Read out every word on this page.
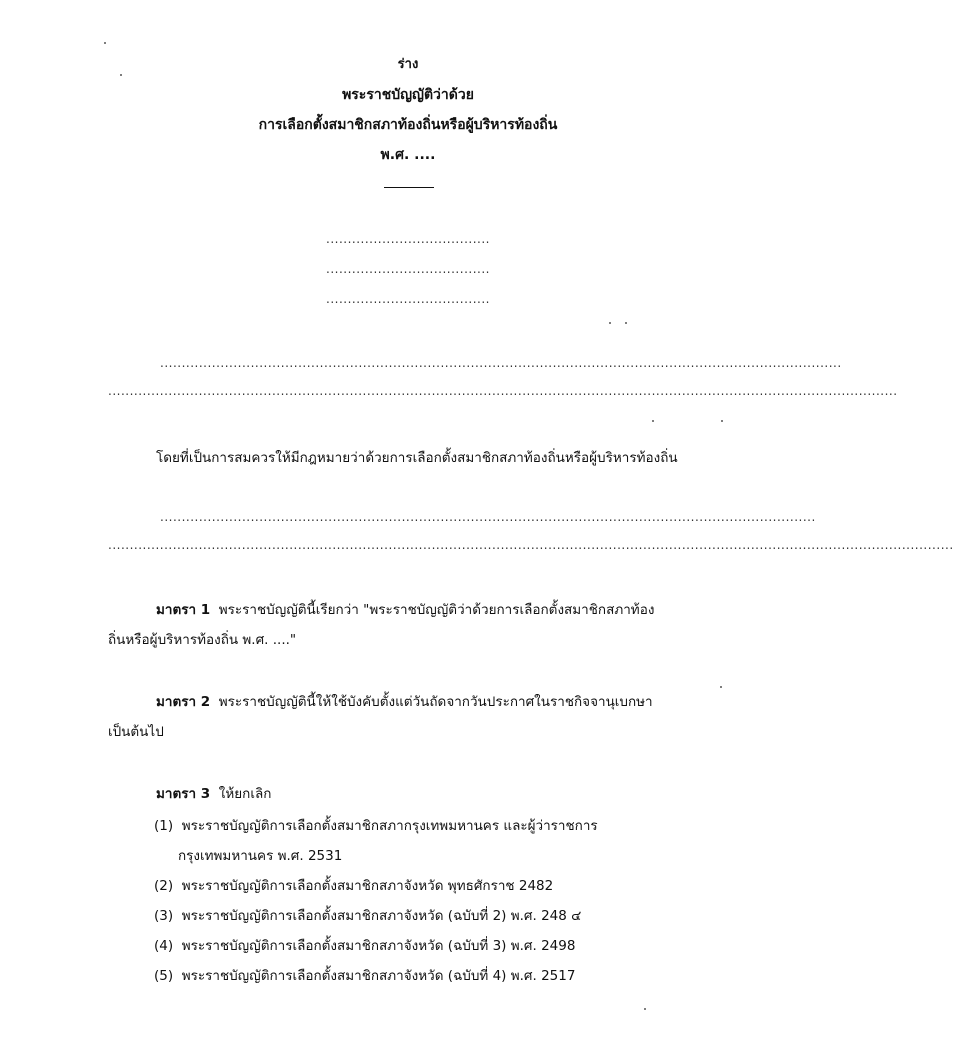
ร่าง
พระราชบัญญัติว่าด้วย
การเลือกตั้งสมาชิกสภาท้องถิ่นหรือผู้บริหารท้องถิ่น
พ.ศ. ....
......................................
......................................
......................................
..............................................................................................................................................................
.......................................................................................................................................................................................
โดยที่เป็นการสมควรให้มีกฎหมายว่าด้วยการเลือกตั้งสมาชิกสภาท้องถิ่นหรือผู้บริหารท้องถิ่น
........................................................................................................................................................
....................................................................................................................................................................................................
มาตรา 1 พระราชบัญญัตินี้เรียกว่า "พระราชบัญญัติว่าด้วยการเลือกตั้งสมาชิกสภาท้อง
ถิ่นหรือผู้บริหารท้องถิ่น พ.ศ. ...."
มาตรา 2 พระราชบัญญัตินี้ให้ใช้บังคับตั้งแต่วันถัดจากวันประกาศในราชกิจจานุเบกษา
เป็นต้นไป
มาตรา 3 ให้ยกเลิก
(1) พระราชบัญญัติการเลือกตั้งสมาชิกสภากรุงเทพมหานคร และผู้ว่าราชการ
กรุงเทพมหานคร พ.ศ. 2531
(2) พระราชบัญญัติการเลือกตั้งสมาชิกสภาจังหวัด พุทธศักราช 2482
(3) พระราชบัญญัติการเลือกตั้งสมาชิกสภาจังหวัด (ฉบับที่ 2) พ.ศ. 248 ๔
(4) พระราชบัญญัติการเลือกตั้งสมาชิกสภาจังหวัด (ฉบับที่ 3) พ.ศ. 2498
(5) พระราชบัญญัติการเลือกตั้งสมาชิกสภาจังหวัด (ฉบับที่ 4) พ.ศ. 2517
